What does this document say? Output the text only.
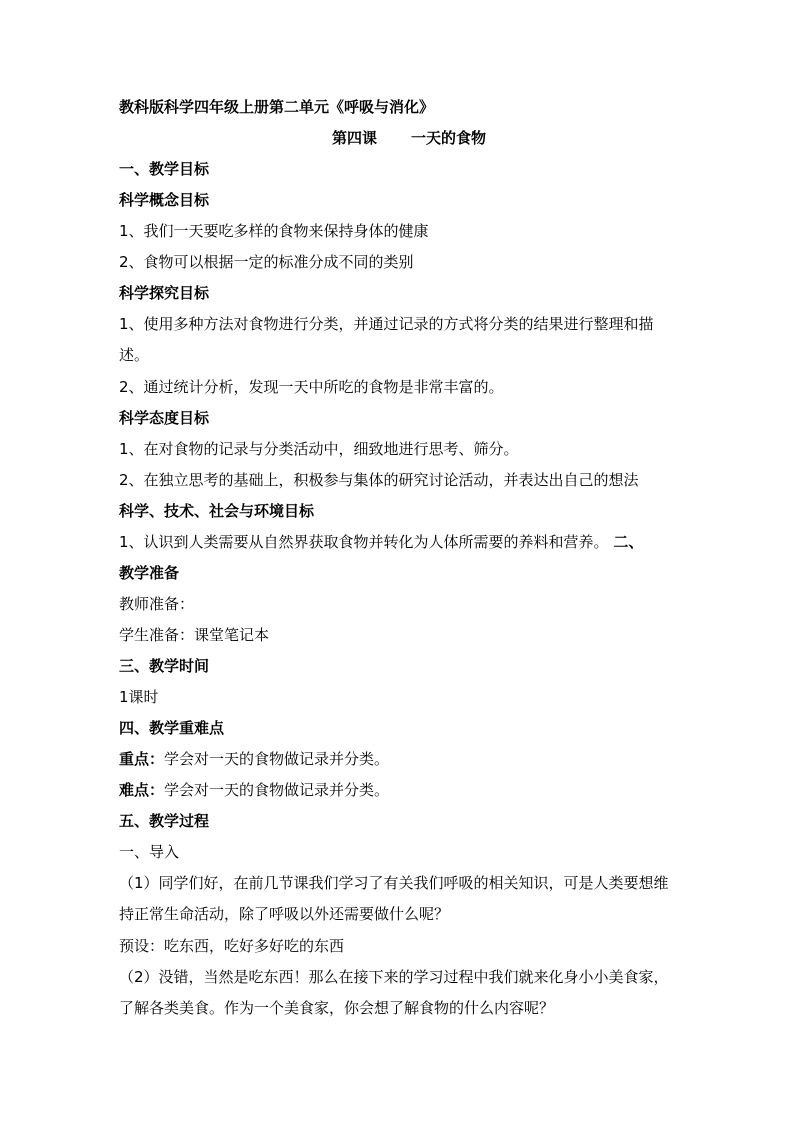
教科版科学四年级上册第二单元《呼吸与消化》
第四课 一天的食物
一、教学目标
科学概念目标
1、我们一天要吃多样的食物来保持身体的健康
2、食物可以根据一定的标准分成不同的类别
科学探究目标
1、使用多种方法对食物进行分类，并通过记录的方式将分类的结果进行整理和描述。
2、通过统计分析，发现一天中所吃的食物是非常丰富的。
科学态度目标
1、在对食物的记录与分类活动中，细致地进行思考、筛分。
2、在独立思考的基础上，积极参与集体的研究讨论活动，并表达出自己的想法
科学、技术、社会与环境目标
1、认识到人类需要从自然界获取食物并转化为人体所需要的养料和营养。 二、
教学准备
教师准备：
学生准备：课堂笔记本
三、教学时间
1课时
四、教学重难点
重点：学会对一天的食物做记录并分类。
难点：学会对一天的食物做记录并分类。
五、教学过程
一、导入
（1）同学们好，在前几节课我们学习了有关我们呼吸的相关知识，可是人类要想维持正常生命活动，除了呼吸以外还需要做什么呢？
预设：吃东西，吃好多好吃的东西
（2）没错，当然是吃东西！那么在接下来的学习过程中我们就来化身小小美食家，了解各类美食。作为一个美食家，你会想了解食物的什么内容呢？
